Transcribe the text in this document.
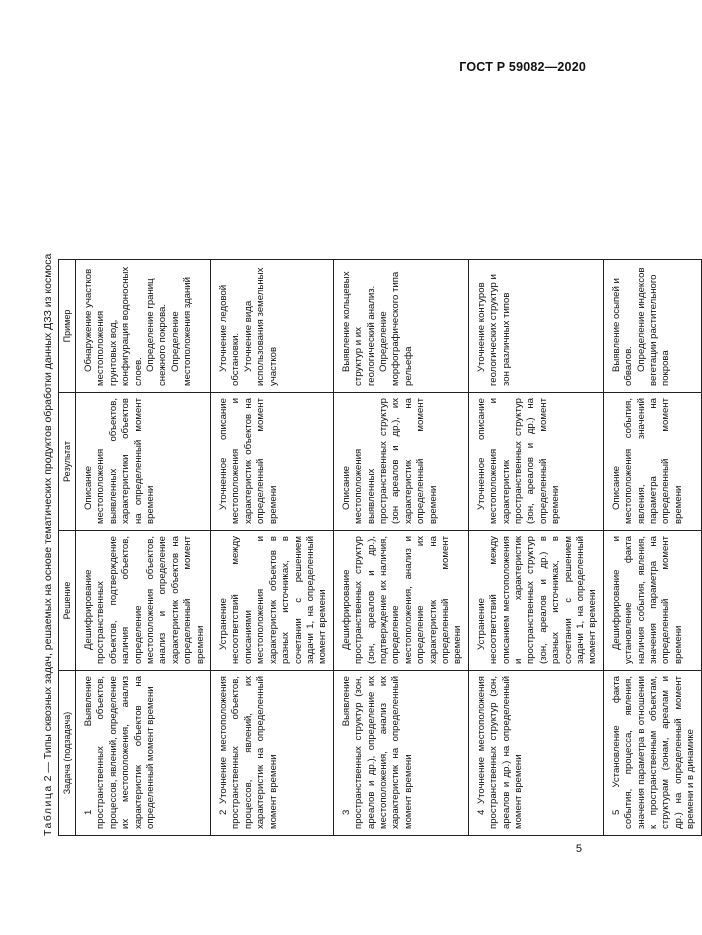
ГОСТ Р 59082—2020
Таблица 2 — Типы сквозных задач, решаемых на основе тематических продуктов обработки данных ДЗЗ из космоса Задача (подзадача)	Решение	Результат	Пример

1 Выявление пространственных объектов, процессов, явлений, определение их местоположения, анализ характеристик объектов на определенный момент времени	Дешифрирование пространственных объектов, подтверждение наличия объектов, определение местоположения объектов, анализ и определение характеристик объектов на определенный момент времени	Описание местоположения выявленных объектов, характеристики объектов на определенный момент времени	Обнаружение участков местоположения грунтовых вод, конфигурация водоносных слоев. Определение границ снежного покрова. Определение местоположения зданий

2 Уточнение местоположения пространственных объектов, процессов, явлений, их характеристик на определенный момент времени	Устранение несоответствий между описаниями местоположения и характеристик объектов в разных источниках, в сочетании с решением задачи 1, на определенный момент времени	Уточненное описание местоположения и характеристик объектов на определенный момент времени	Уточнение ледовой обстановки. Уточнение вида использования земельных участков

3 Выявление пространственных структур (зон, ареалов и др.), определение их местоположения, анализ их характеристик на определенный момент времени	Дешифрирование пространственных структур (зон, ареалов и др.), подтверждение их наличия, определение местоположения, анализ и определение их характеристик на определенный момент времени	Описание местоположения выявленных пространственных структур (зон ареалов и др.), их характеристик на определенный момент времени	Выявление кольцевых структур и их геологический анализ. Определение морфографического типа рельефа

4 Уточнение местоположения пространственных структур (зон, ареалов и др.) на определенный момент времени	Устранение несоответствий между описанием местоположения и характеристик пространственных структур (зон, ареалов и др.) в разных источниках, в сочетании с решением задачи 1, на определенный момент времени	Уточненное описание местоположения и характеристик пространственных структур (зон, ареалов и др.) на определенный момент времени	Уточнение контуров геологических структур и зон различных типов

5 Установление факта события, процесса, явления, значения параметра в отношении к пространственным объектам, структурам (зонам, ареалам и др.) на определенный момент времени и в динамике	Дешифрирование и установление факта наличия события, явления, значения параметра на определенный момент времени	Описание местоположения события, явления, значений параметра на определенный момент времени	Выявление осыпей и обвалов. Определение индексов вегетации растительного покрова

5
